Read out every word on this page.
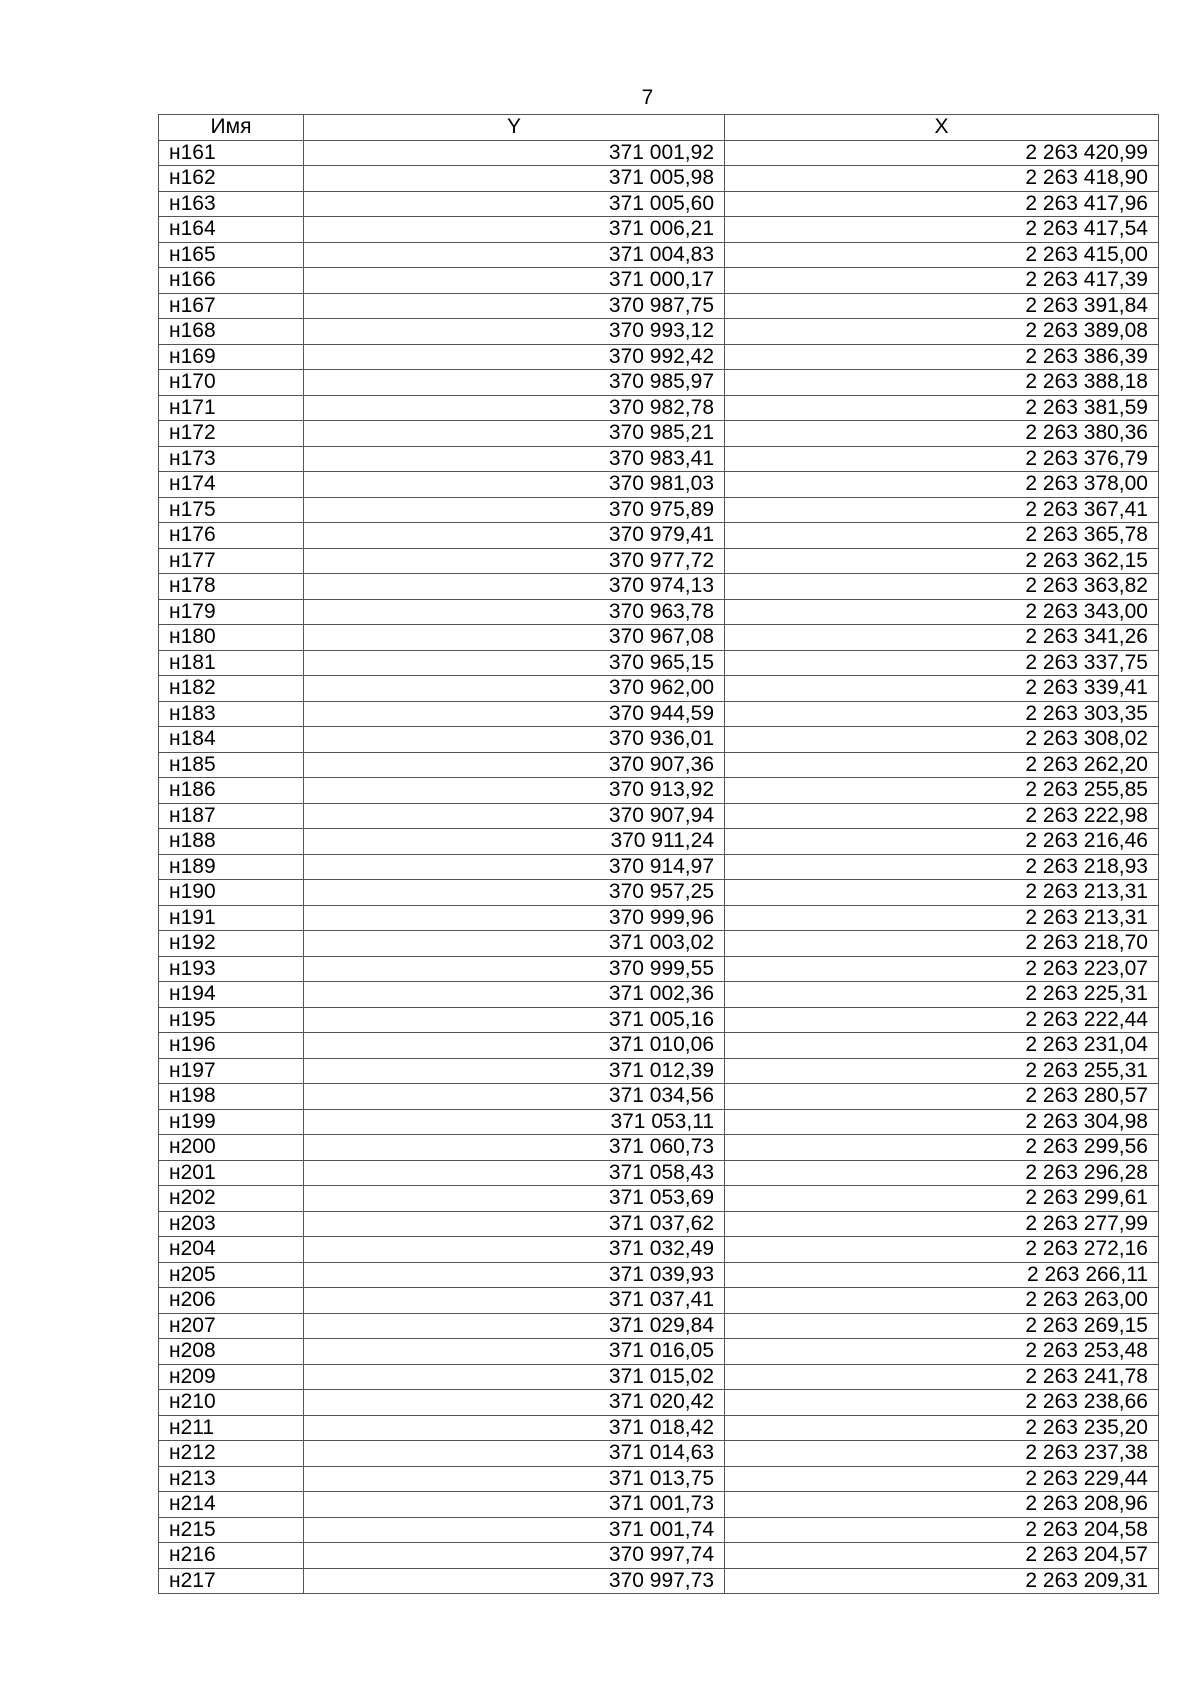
7
Имя	Y	X
н161	371 001,92	2 263 420,99
н162	371 005,98	2 263 418,90
н163	371 005,60	2 263 417,96
н164	371 006,21	2 263 417,54
н165	371 004,83	2 263 415,00
н166	371 000,17	2 263 417,39
н167	370 987,75	2 263 391,84
н168	370 993,12	2 263 389,08
н169	370 992,42	2 263 386,39
н170	370 985,97	2 263 388,18
н171	370 982,78	2 263 381,59
н172	370 985,21	2 263 380,36
н173	370 983,41	2 263 376,79
н174	370 981,03	2 263 378,00
н175	370 975,89	2 263 367,41
н176	370 979,41	2 263 365,78
н177	370 977,72	2 263 362,15
н178	370 974,13	2 263 363,82
н179	370 963,78	2 263 343,00
н180	370 967,08	2 263 341,26
н181	370 965,15	2 263 337,75
н182	370 962,00	2 263 339,41
н183	370 944,59	2 263 303,35
н184	370 936,01	2 263 308,02
н185	370 907,36	2 263 262,20
н186	370 913,92	2 263 255,85
н187	370 907,94	2 263 222,98
н188	370 911,24	2 263 216,46
н189	370 914,97	2 263 218,93
н190	370 957,25	2 263 213,31
н191	370 999,96	2 263 213,31
н192	371 003,02	2 263 218,70
н193	370 999,55	2 263 223,07
н194	371 002,36	2 263 225,31
н195	371 005,16	2 263 222,44
н196	371 010,06	2 263 231,04
н197	371 012,39	2 263 255,31
н198	371 034,56	2 263 280,57
н199	371 053,11	2 263 304,98
н200	371 060,73	2 263 299,56
н201	371 058,43	2 263 296,28
н202	371 053,69	2 263 299,61
н203	371 037,62	2 263 277,99
н204	371 032,49	2 263 272,16
н205	371 039,93	2 263 266,11
н206	371 037,41	2 263 263,00
н207	371 029,84	2 263 269,15
н208	371 016,05	2 263 253,48
н209	371 015,02	2 263 241,78
н210	371 020,42	2 263 238,66
н211	371 018,42	2 263 235,20
н212	371 014,63	2 263 237,38
н213	371 013,75	2 263 229,44
н214	371 001,73	2 263 208,96
н215	371 001,74	2 263 204,58
н216	370 997,74	2 263 204,57
н217	370 997,73	2 263 209,31
